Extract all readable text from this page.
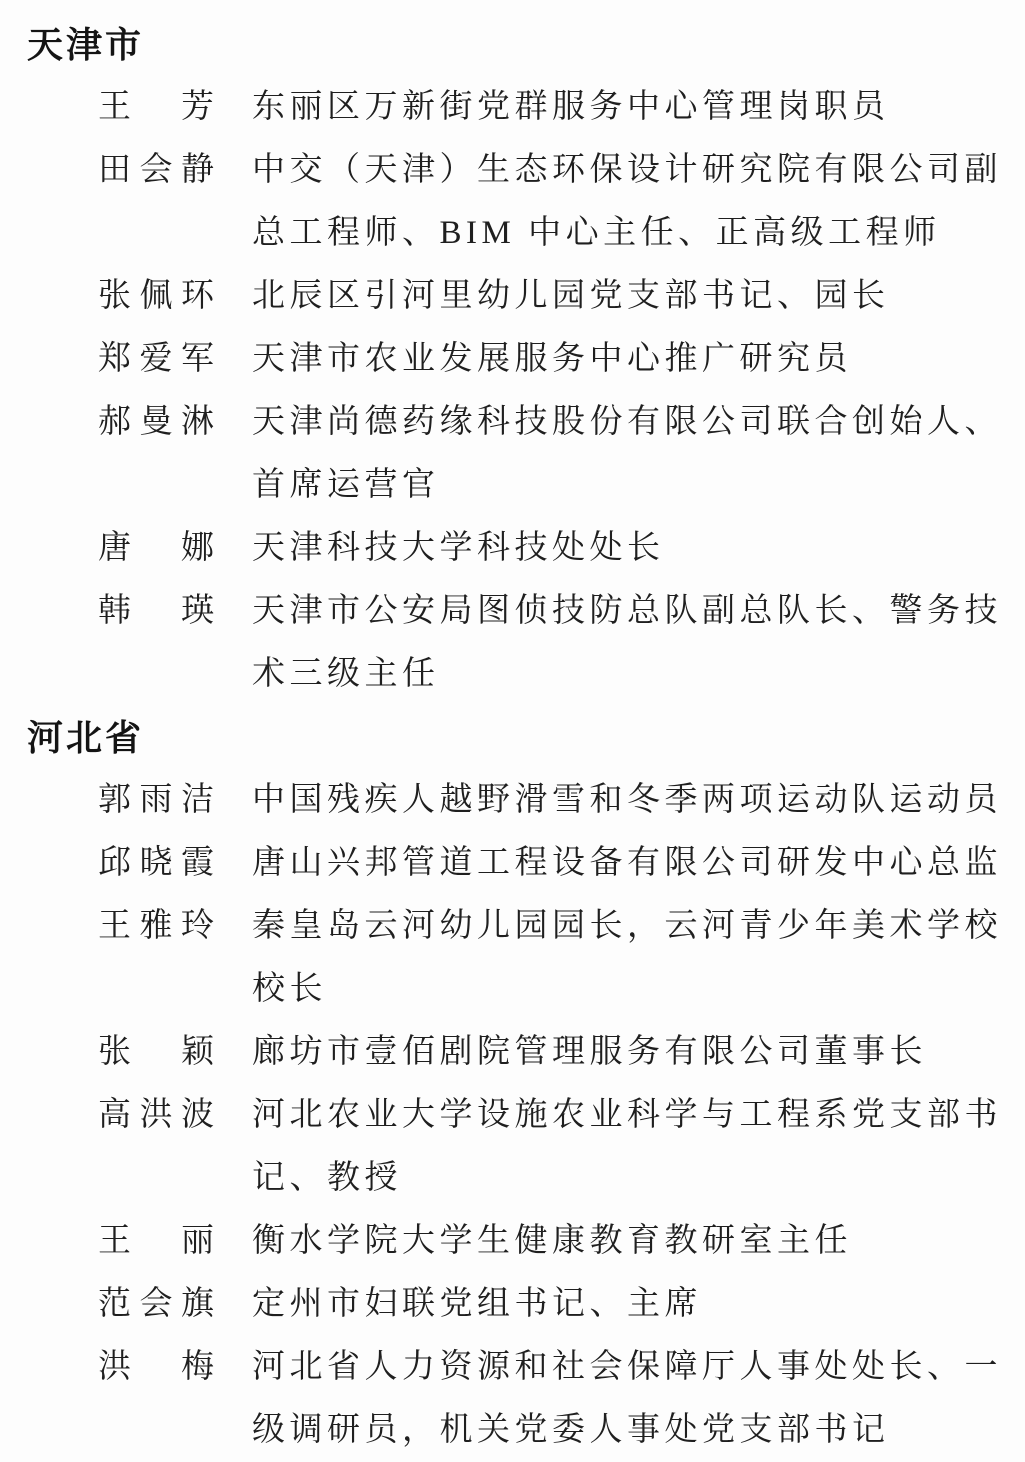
天津市
王芳 东丽区万新街党群服务中心管理岗职员
田会静 中交（天津）生态环保设计研究院有限公司副总工程师、BIM 中心主任、正高级工程师
张佩环 北辰区引河里幼儿园党支部书记、园长
郑爱军 天津市农业发展服务中心推广研究员
郝曼淋 天津尚德药缘科技股份有限公司联合创始人、首席运营官
唐娜 天津科技大学科技处处长
韩瑛 天津市公安局图侦技防总队副总队长、警务技术三级主任
河北省
郭雨洁 中国残疾人越野滑雪和冬季两项运动队运动员
邱晓霞 唐山兴邦管道工程设备有限公司研发中心总监
王雅玲 秦皇岛云河幼儿园园长，云河青少年美术学校校长
张颖 廊坊市壹佰剧院管理服务有限公司董事长
高洪波 河北农业大学设施农业科学与工程系党支部书记、教授
王丽 衡水学院大学生健康教育教研室主任
范会旗 定州市妇联党组书记、主席
洪梅 河北省人力资源和社会保障厅人事处处长、一级调研员，机关党委人事处党支部书记
